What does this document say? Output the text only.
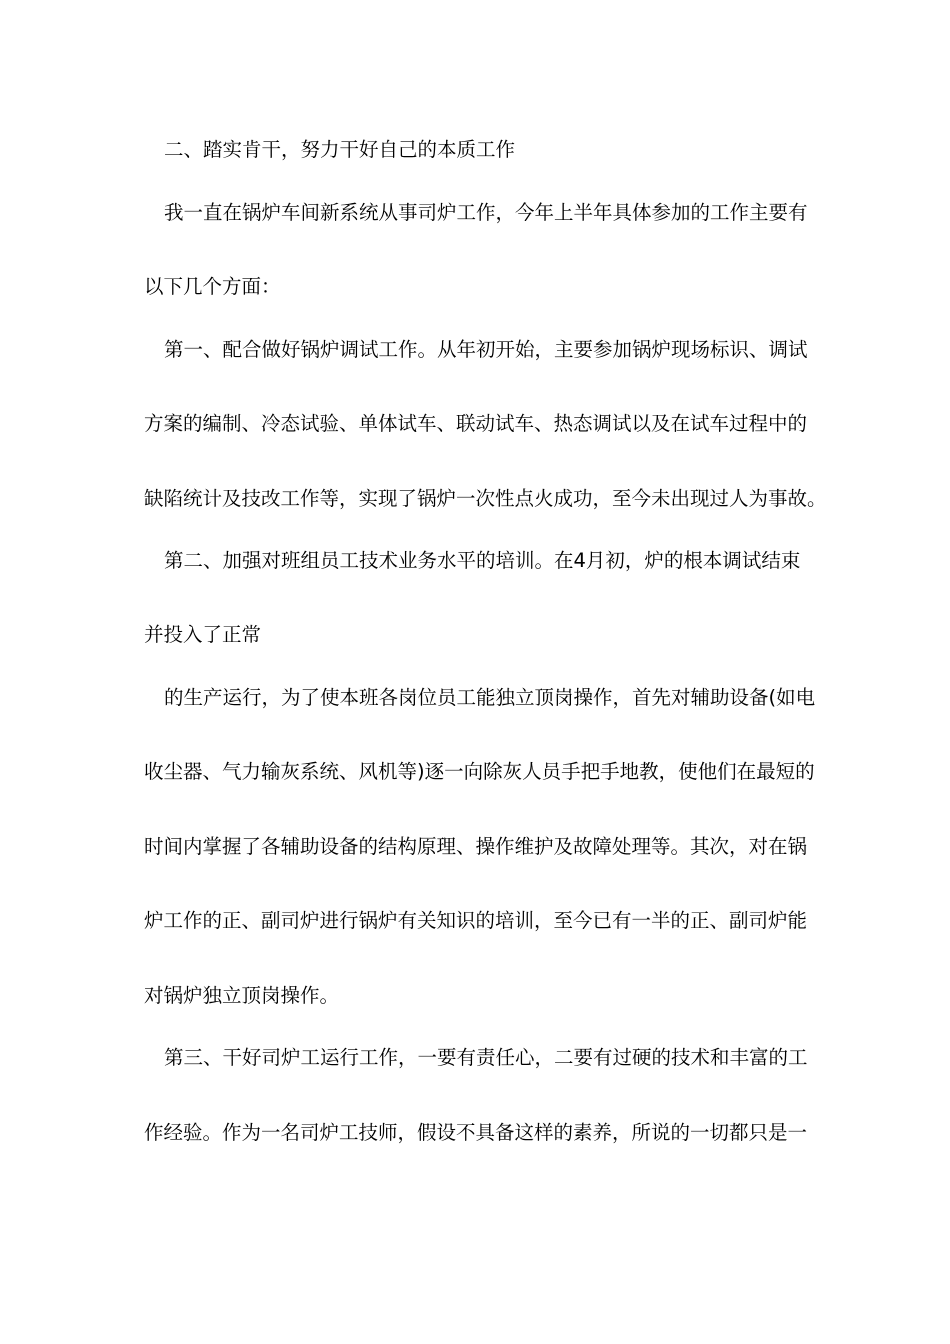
二、踏实肯干，努力干好自己的本质工作
我一直在锅炉车间新系统从事司炉工作，今年上半年具体参加的工作主要有
以下几个方面：
第一、配合做好锅炉调试工作。从年初开始，主要参加锅炉现场标识、调试
方案的编制、冷态试验、单体试车、联动试车、热态调试以及在试车过程中的
缺陷统计及技改工作等，实现了锅炉一次性点火成功，至今未出现过人为事故。
第二、加强对班组员工技术业务水平的培训。在4月初，炉的根本调试结束
并投入了正常
的生产运行，为了使本班各岗位员工能独立顶岗操作，首先对辅助设备(如电
收尘器、气力输灰系统、风机等)逐一向除灰人员手把手地教，使他们在最短的
时间内掌握了各辅助设备的结构原理、操作维护及故障处理等。其次，对在锅
炉工作的正、副司炉进行锅炉有关知识的培训，至今已有一半的正、副司炉能
对锅炉独立顶岗操作。
第三、干好司炉工运行工作，一要有责任心，二要有过硬的技术和丰富的工
作经验。作为一名司炉工技师，假设不具备这样的素养，所说的一切都只是一
